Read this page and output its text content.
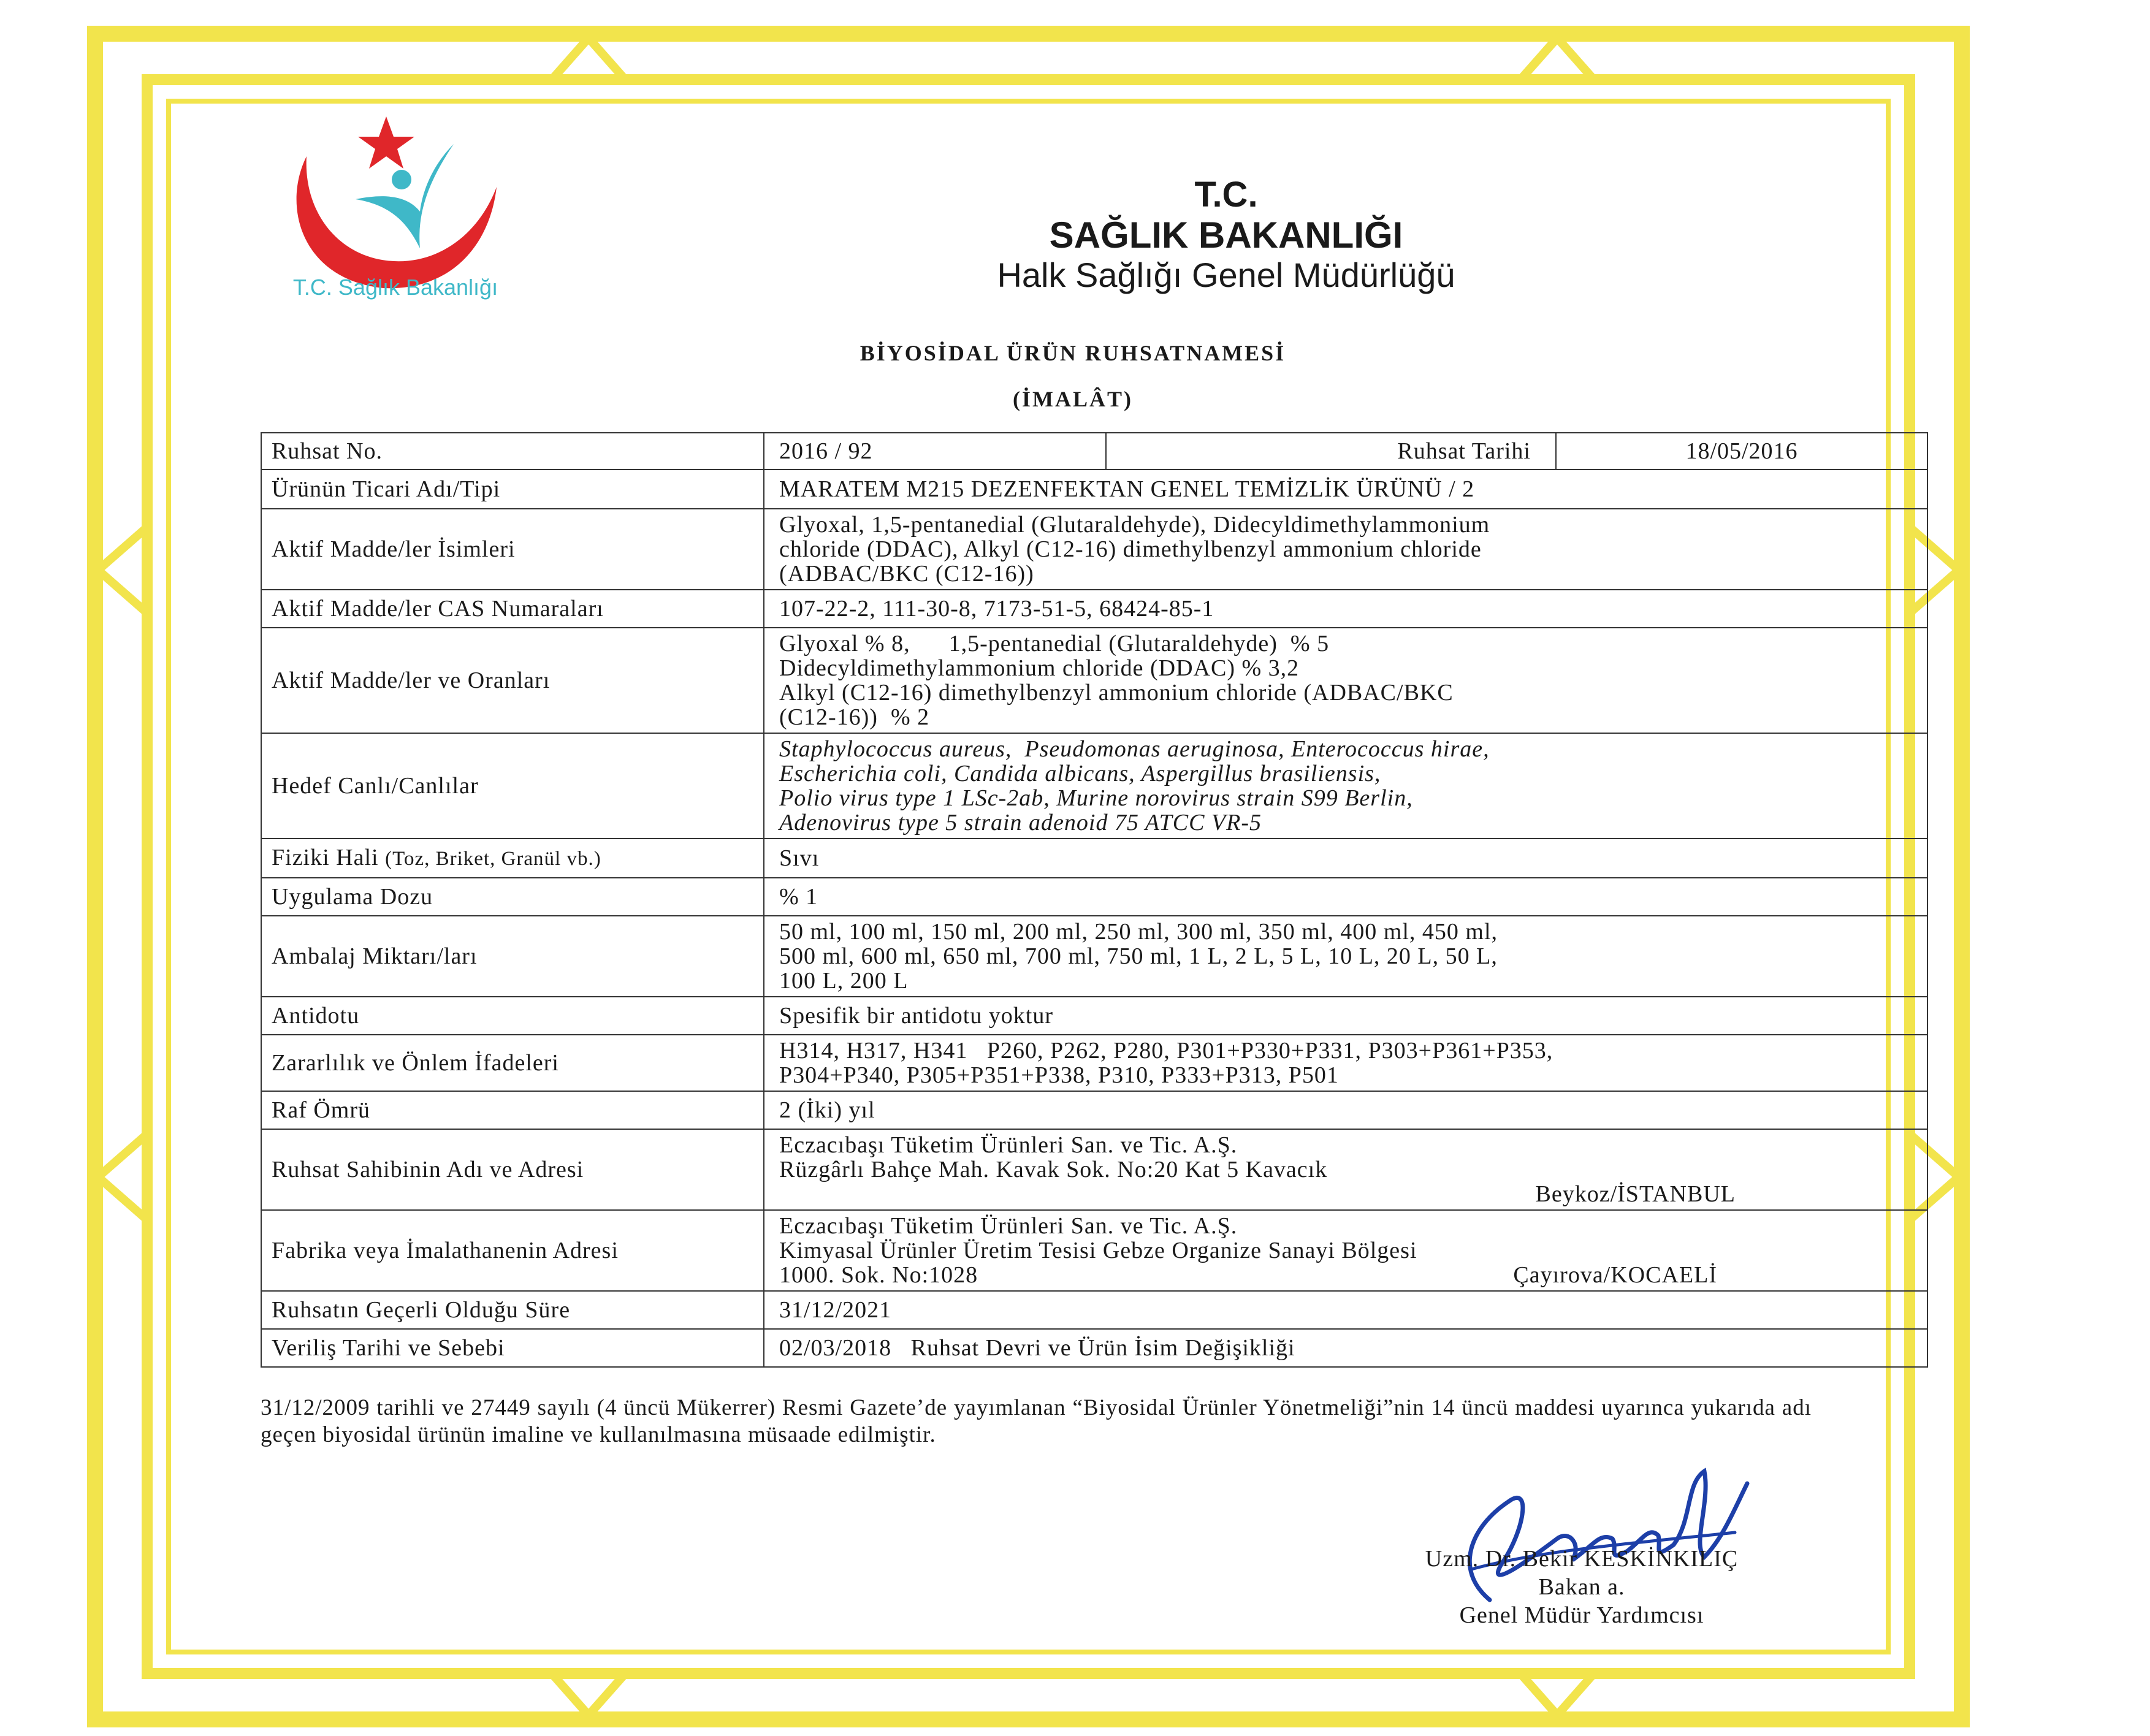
T.C. Sağlık Bakanlığı
T.C.
SAĞLIK BAKANLIĞI
Halk Sağlığı Genel Müdürlüğü
BİYOSİDAL ÜRÜN RUHSATNAMESİ
(İMALÂT)
Ruhsat No.	2016 / 92	Ruhsat Tarihi	18/05/2016
Ürünün Ticari Adı/Tipi	MARATEM M215 DEZENFEKTAN GENEL TEMİZLİK ÜRÜNÜ / 2		
Aktif Madde/ler İsimleri	Glyoxal, 1,5-pentanedial (Glutaraldehyde), Didecyldimethylammonium
chloride (DDAC), Alkyl (C12-16) dimethylbenzyl ammonium chloride
(ADBAC/BKC (C12-16))		

Aktif Madde/ler CAS Numaraları	107-22-2, 111-30-8, 7173-51-5, 68424-85-1		
Aktif Madde/ler ve Oranları	Glyoxal % 8,      1,5-pentanedial (Glutaraldehyde)  % 5
Didecyldimethylammonium chloride (DDAC) % 3,2
Alkyl (C12-16) dimethylbenzyl ammonium chloride (ADBAC/BKC
(C12-16))  % 2		

Hedef Canlı/Canlılar	Staphylococcus aureus,  Pseudomonas aeruginosa, Enterococcus hirae,
Escherichia coli, Candida albicans, Aspergillus brasiliensis,
Polio virus type 1 LSc-2ab, Murine norovirus strain S99 Berlin,
Adenovirus type 5 strain adenoid 75 ATCC VR-5		

Fiziki Hali (Toz, Briket, Granül vb.)	Sıvı		
Uygulama Dozu	% 1		
Ambalaj Miktarı/ları	50 ml, 100 ml, 150 ml, 200 ml, 250 ml, 300 ml, 350 ml, 400 ml, 450 ml,
500 ml, 600 ml, 650 ml, 700 ml, 750 ml, 1 L, 2 L, 5 L, 10 L, 20 L, 50 L,
100 L, 200 L		

Antidotu	Spesifik bir antidotu yoktur		
Zararlılık ve Önlem İfadeleri	H314, H317, H341   P260, P262, P280, P301+P330+P331, P303+P361+P353,
P304+P340, P305+P351+P338, P310, P333+P313, P501		

Raf Ömrü	2 (İki) yıl		
Ruhsat Sahibinin Adı ve Adresi	Eczacıbaşı Tüketim Ürünleri San. ve Tic. A.Ş.
Rüzgârlı Bahçe Mah. Kavak Sok. No:20 Kat 5 Kavacık
Beykoz/İSTANBUL		

Fabrika veya İmalathanenin Adresi	Eczacıbaşı Tüketim Ürünleri San. ve Tic. A.Ş.
Kimyasal Ürünler Üretim Tesisi Gebze Organize Sanayi Bölgesi
1000. Sok. No:1028 Çayırova/KOCAELİ		

Ruhsatın Geçerli Olduğu Süre	31/12/2021		
Veriliş Tarihi ve Sebebi	02/03/2018 Ruhsat Devri ve Ürün İsim Değişikliği		
31/12/2009 tarihli ve 27449 sayılı (4 üncü Mükerrer) Resmi Gazete’de yayımlanan “Biyosidal Ürünler Yönetmeliği”nin 14 üncü maddesi uyarınca yukarıda adı geçen biyosidal ürünün imaline ve kullanılmasına müsaade edilmiştir.
Uzm. Dr. Bekir KESKİNKILIÇ
Bakan a.
Genel Müdür Yardımcısı
